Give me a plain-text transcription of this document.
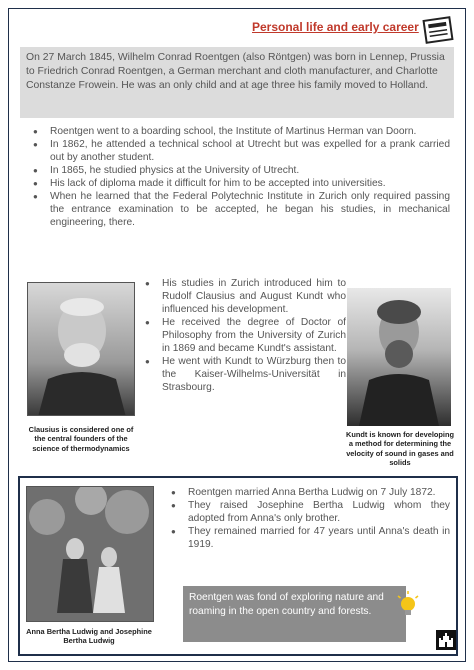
Personal life and early career
On 27 March 1845, Wilhelm Conrad Roentgen (also Röntgen) was born in Lennep, Prussia to Friedrich Conrad Roentgen, a German merchant and cloth manufacturer, and Charlotte Constanze Frowein. He was an only child and at age three his family moved to Holland.
● Roentgen went to a boarding school, the Institute of Martinus Herman van Doorn.
● In 1862, he attended a technical school at Utrecht but was expelled for a prank carried out by another student.
● In 1865, he studied physics at the University of Utrecht.
● His lack of diploma made it difficult for him to be accepted into universities.
● When he learned that the Federal Polytechnic Institute in Zurich only required passing the entrance examination to be accepted, he began his studies, in mechanical engineering, there.
Clausius is considered one of the central founders of the science of thermodynamics
● His studies in Zurich introduced him to Rudolf Clausius and August Kundt who influenced his development.
● He received the degree of Doctor of Philosophy from the University of Zurich in 1869 and became Kundt's assistant.
● He went with Kundt to Würzburg then to the Kaiser-Wilhelms-Universität in Strasbourg.
Kundt is known for developing a method for determining the velocity of sound in gases and solids
Anna Bertha Ludwig and Josephine Bertha Ludwig
● Roentgen married Anna Bertha Ludwig on 7 July 1872.
● They raised Josephine Bertha Ludwig whom they adopted from Anna's only brother.
● They remained married for 47 years until Anna's death in 1919.
Roentgen was fond of exploring nature and roaming in the open country and forests.
